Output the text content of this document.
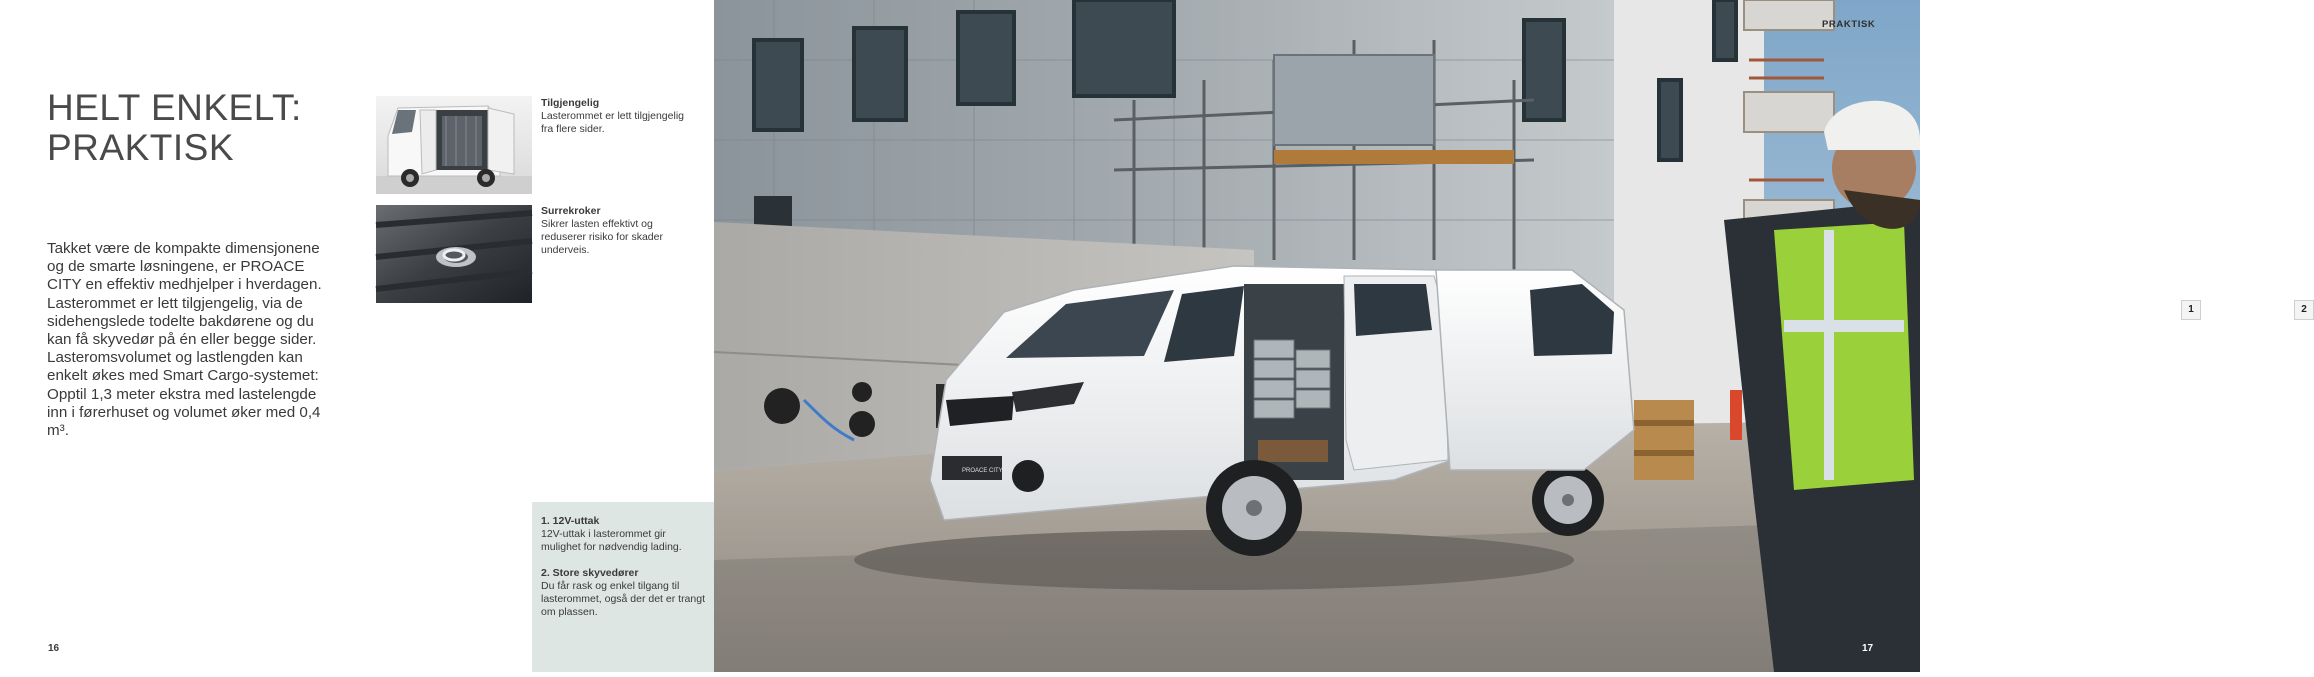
HELT ENKELT:
PRAKTISK

Takket være de kompakte dimensjonene og de smarte løsningene, er PROACE CITY en effektiv medhjelper i hverdagen. Lasterommet er lett tilgjengelig, via de sidehengslede todelte bakdørene og du kan få skyvedør på én eller begge sider. Lasteromsvolumet og lastlengden kan enkelt økes med Smart Cargo-systemet: Opptil 1,3 meter ekstra med lastelengde inn i førerhuset og volumet øker med 0,4 m³.

Tilgjengelig
Lasterommet er lett tilgjengelig fra flere sider.
Surrekroker
Sikrer lasten effektivt og reduserer risiko for skader underveis.
1. 12V-uttak
12V-uttak i lasterommet gir mulighet for nødvendig lading.
2. Store skyvedører
Du får rask og enkel tilgang til lasterommet, også der det er trangt om plassen.
16
PROACE CITY
1	2
PRAKTISK
17
